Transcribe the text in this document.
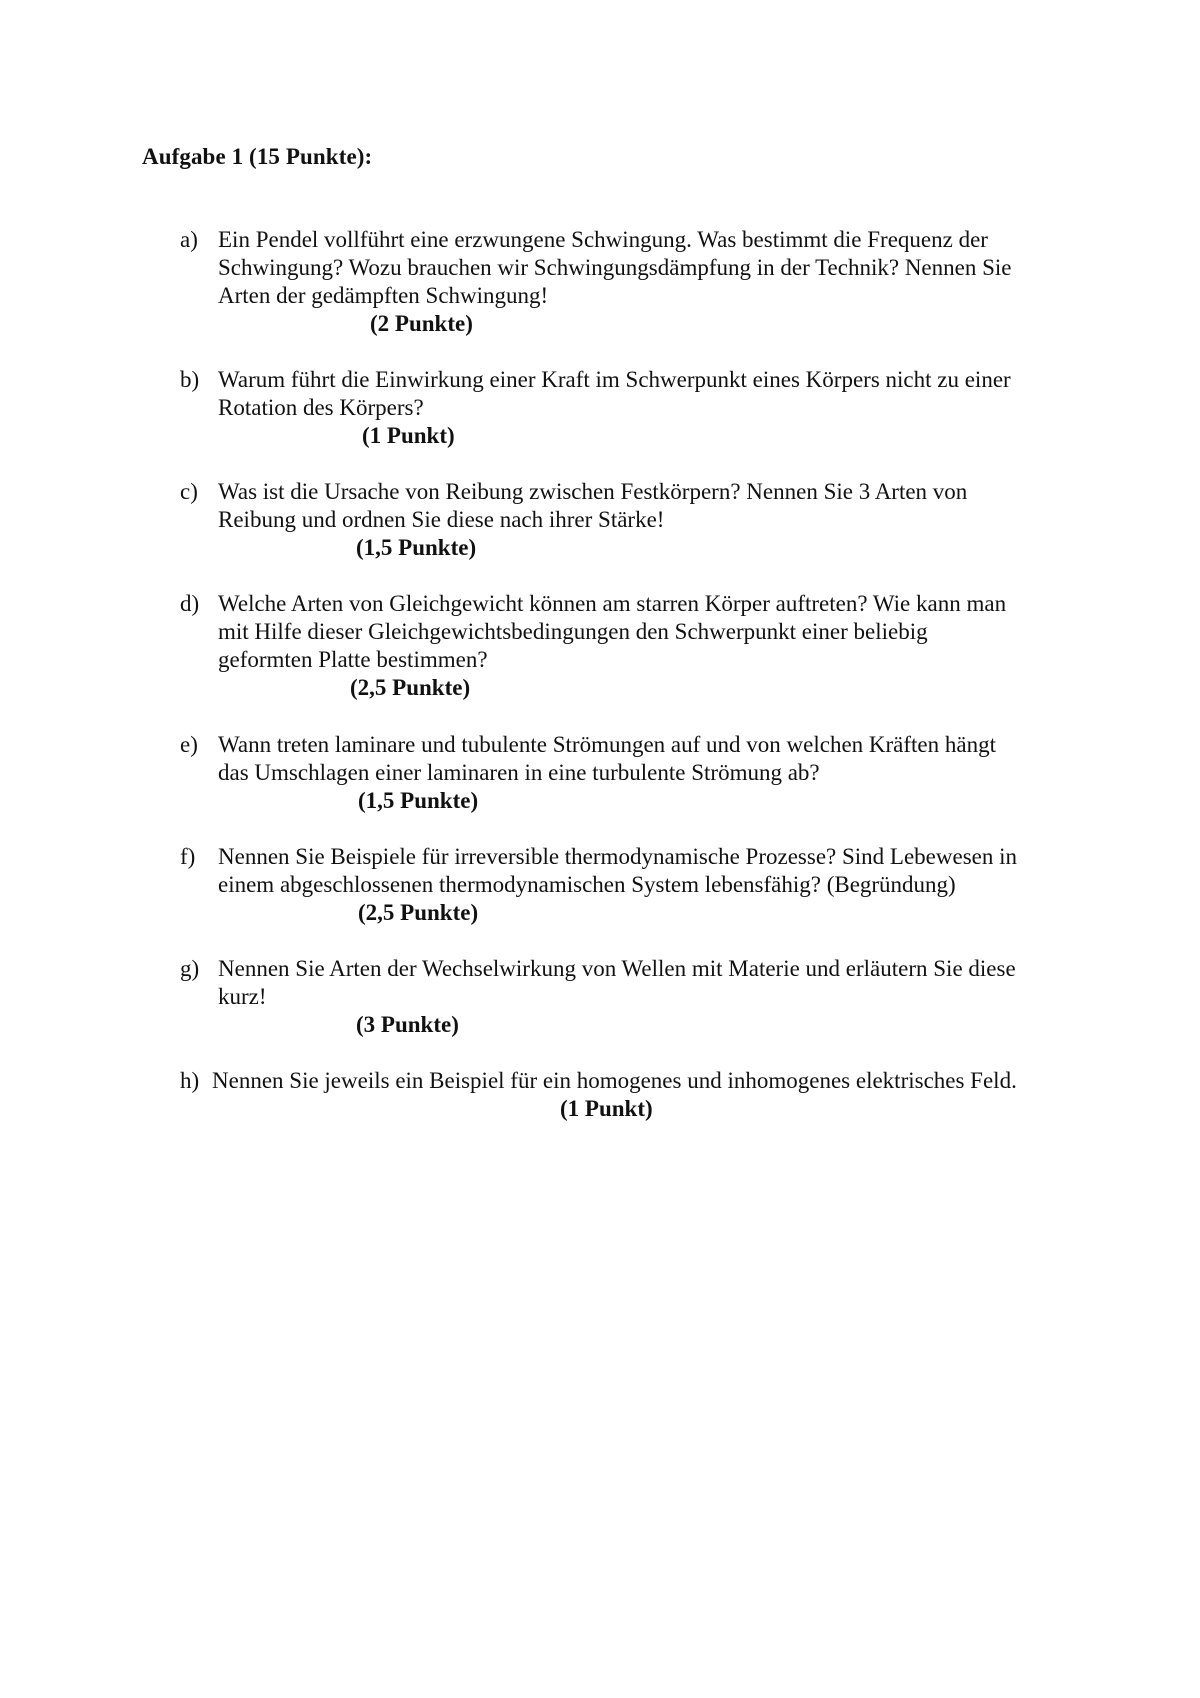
Aufgabe 1 (15 Punkte):
a) Ein Pendel vollführt eine erzwungene Schwingung. Was bestimmt die Frequenz der Schwingung? Wozu brauchen wir Schwingungsdämpfung in der Technik? Nennen Sie Arten der gedämpften Schwingung!
(2 Punkte)
b) Warum führt die Einwirkung einer Kraft im Schwerpunkt eines Körpers nicht zu einer Rotation des Körpers?
(1 Punkt)
c) Was ist die Ursache von Reibung zwischen Festkörpern? Nennen Sie 3 Arten von Reibung und ordnen Sie diese nach ihrer Stärke!
(1,5 Punkte)
d) Welche Arten von Gleichgewicht können am starren Körper auftreten? Wie kann man mit Hilfe dieser Gleichgewichtsbedingungen den Schwerpunkt einer beliebig geformten Platte bestimmen?
(2,5 Punkte)
e) Wann treten laminare und tubulente Strömungen auf und von welchen Kräften hängt das Umschlagen einer laminaren in eine turbulente Strömung ab?
(1,5 Punkte)
f) Nennen Sie Beispiele für irreversible thermodynamische Prozesse? Sind Lebewesen in einem abgeschlossenen thermodynamischen System lebensfähig? (Begründung)
(2,5 Punkte)
g) Nennen Sie Arten der Wechselwirkung von Wellen mit Materie und erläutern Sie diese kurz!
(3 Punkte)
h) Nennen Sie jeweils ein Beispiel für ein homogenes und inhomogenes elektrisches Feld.
(1 Punkt)
